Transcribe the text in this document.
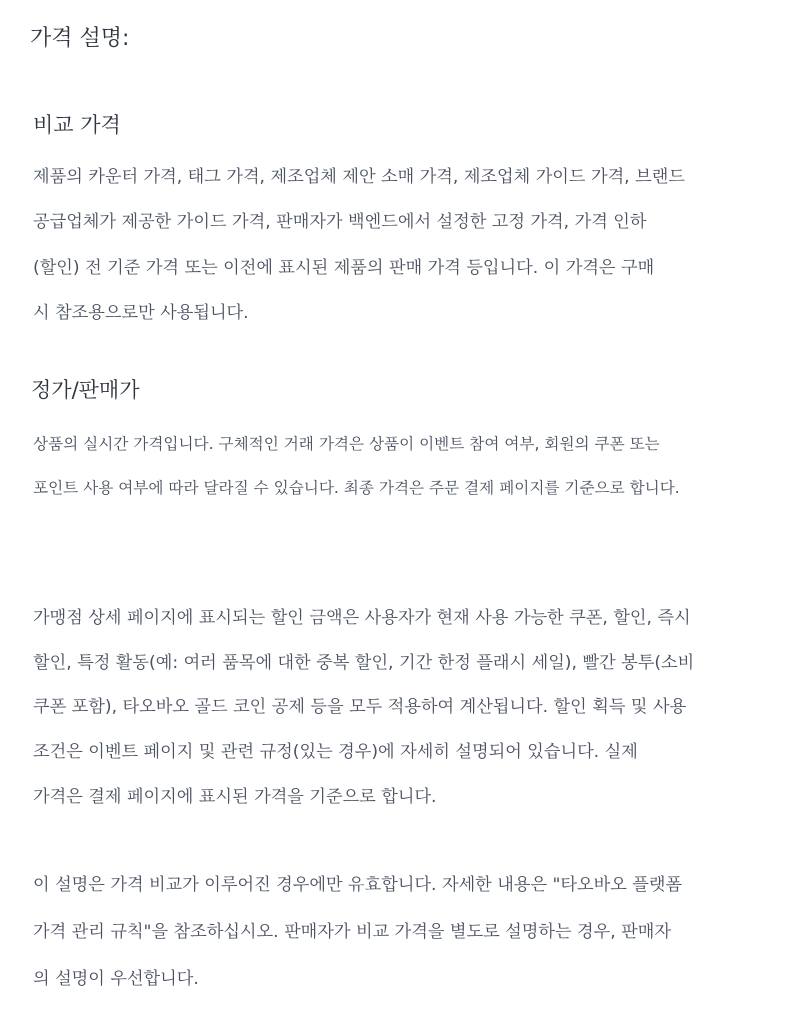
가격 설명:
비교 가격

제품의 카운터 가격, 태그 가격, 제조업체 제안 소매 가격, 제조업체 가이드 가격, 브랜드
공급업체가 제공한 가이드 가격, 판매자가 백엔드에서 설정한 고정 가격, 가격 인하
(할인) 전 기준 가격 또는 이전에 표시된 제품의 판매 가격 등입니다. 이 가격은 구매
시 참조용으로만 사용됩니다.

정가/판매가

상품의 실시간 가격입니다. 구체적인 거래 가격은 상품이 이벤트 참여 여부, 회원의 쿠폰 또는
포인트 사용 여부에 따라 달라질 수 있습니다. 최종 가격은 주문 결제 페이지를 기준으로 합니다.

가맹점 상세 페이지에 표시되는 할인 금액은 사용자가 현재 사용 가능한 쿠폰, 할인, 즉시
할인, 특정 활동(예: 여러 품목에 대한 중복 할인, 기간 한정 플래시 세일), 빨간 봉투(소비
쿠폰 포함), 타오바오 골드 코인 공제 등을 모두 적용하여 계산됩니다. 할인 획득 및 사용
조건은 이벤트 페이지 및 관련 규정(있는 경우)에 자세히 설명되어 있습니다. 실제
가격은 결제 페이지에 표시된 가격을 기준으로 합니다.

이 설명은 가격 비교가 이루어진 경우에만 유효합니다. 자세한 내용은 "타오바오 플랫폼
가격 관리 규칙"을 참조하십시오. 판매자가 비교 가격을 별도로 설명하는 경우, 판매자
의 설명이 우선합니다.
